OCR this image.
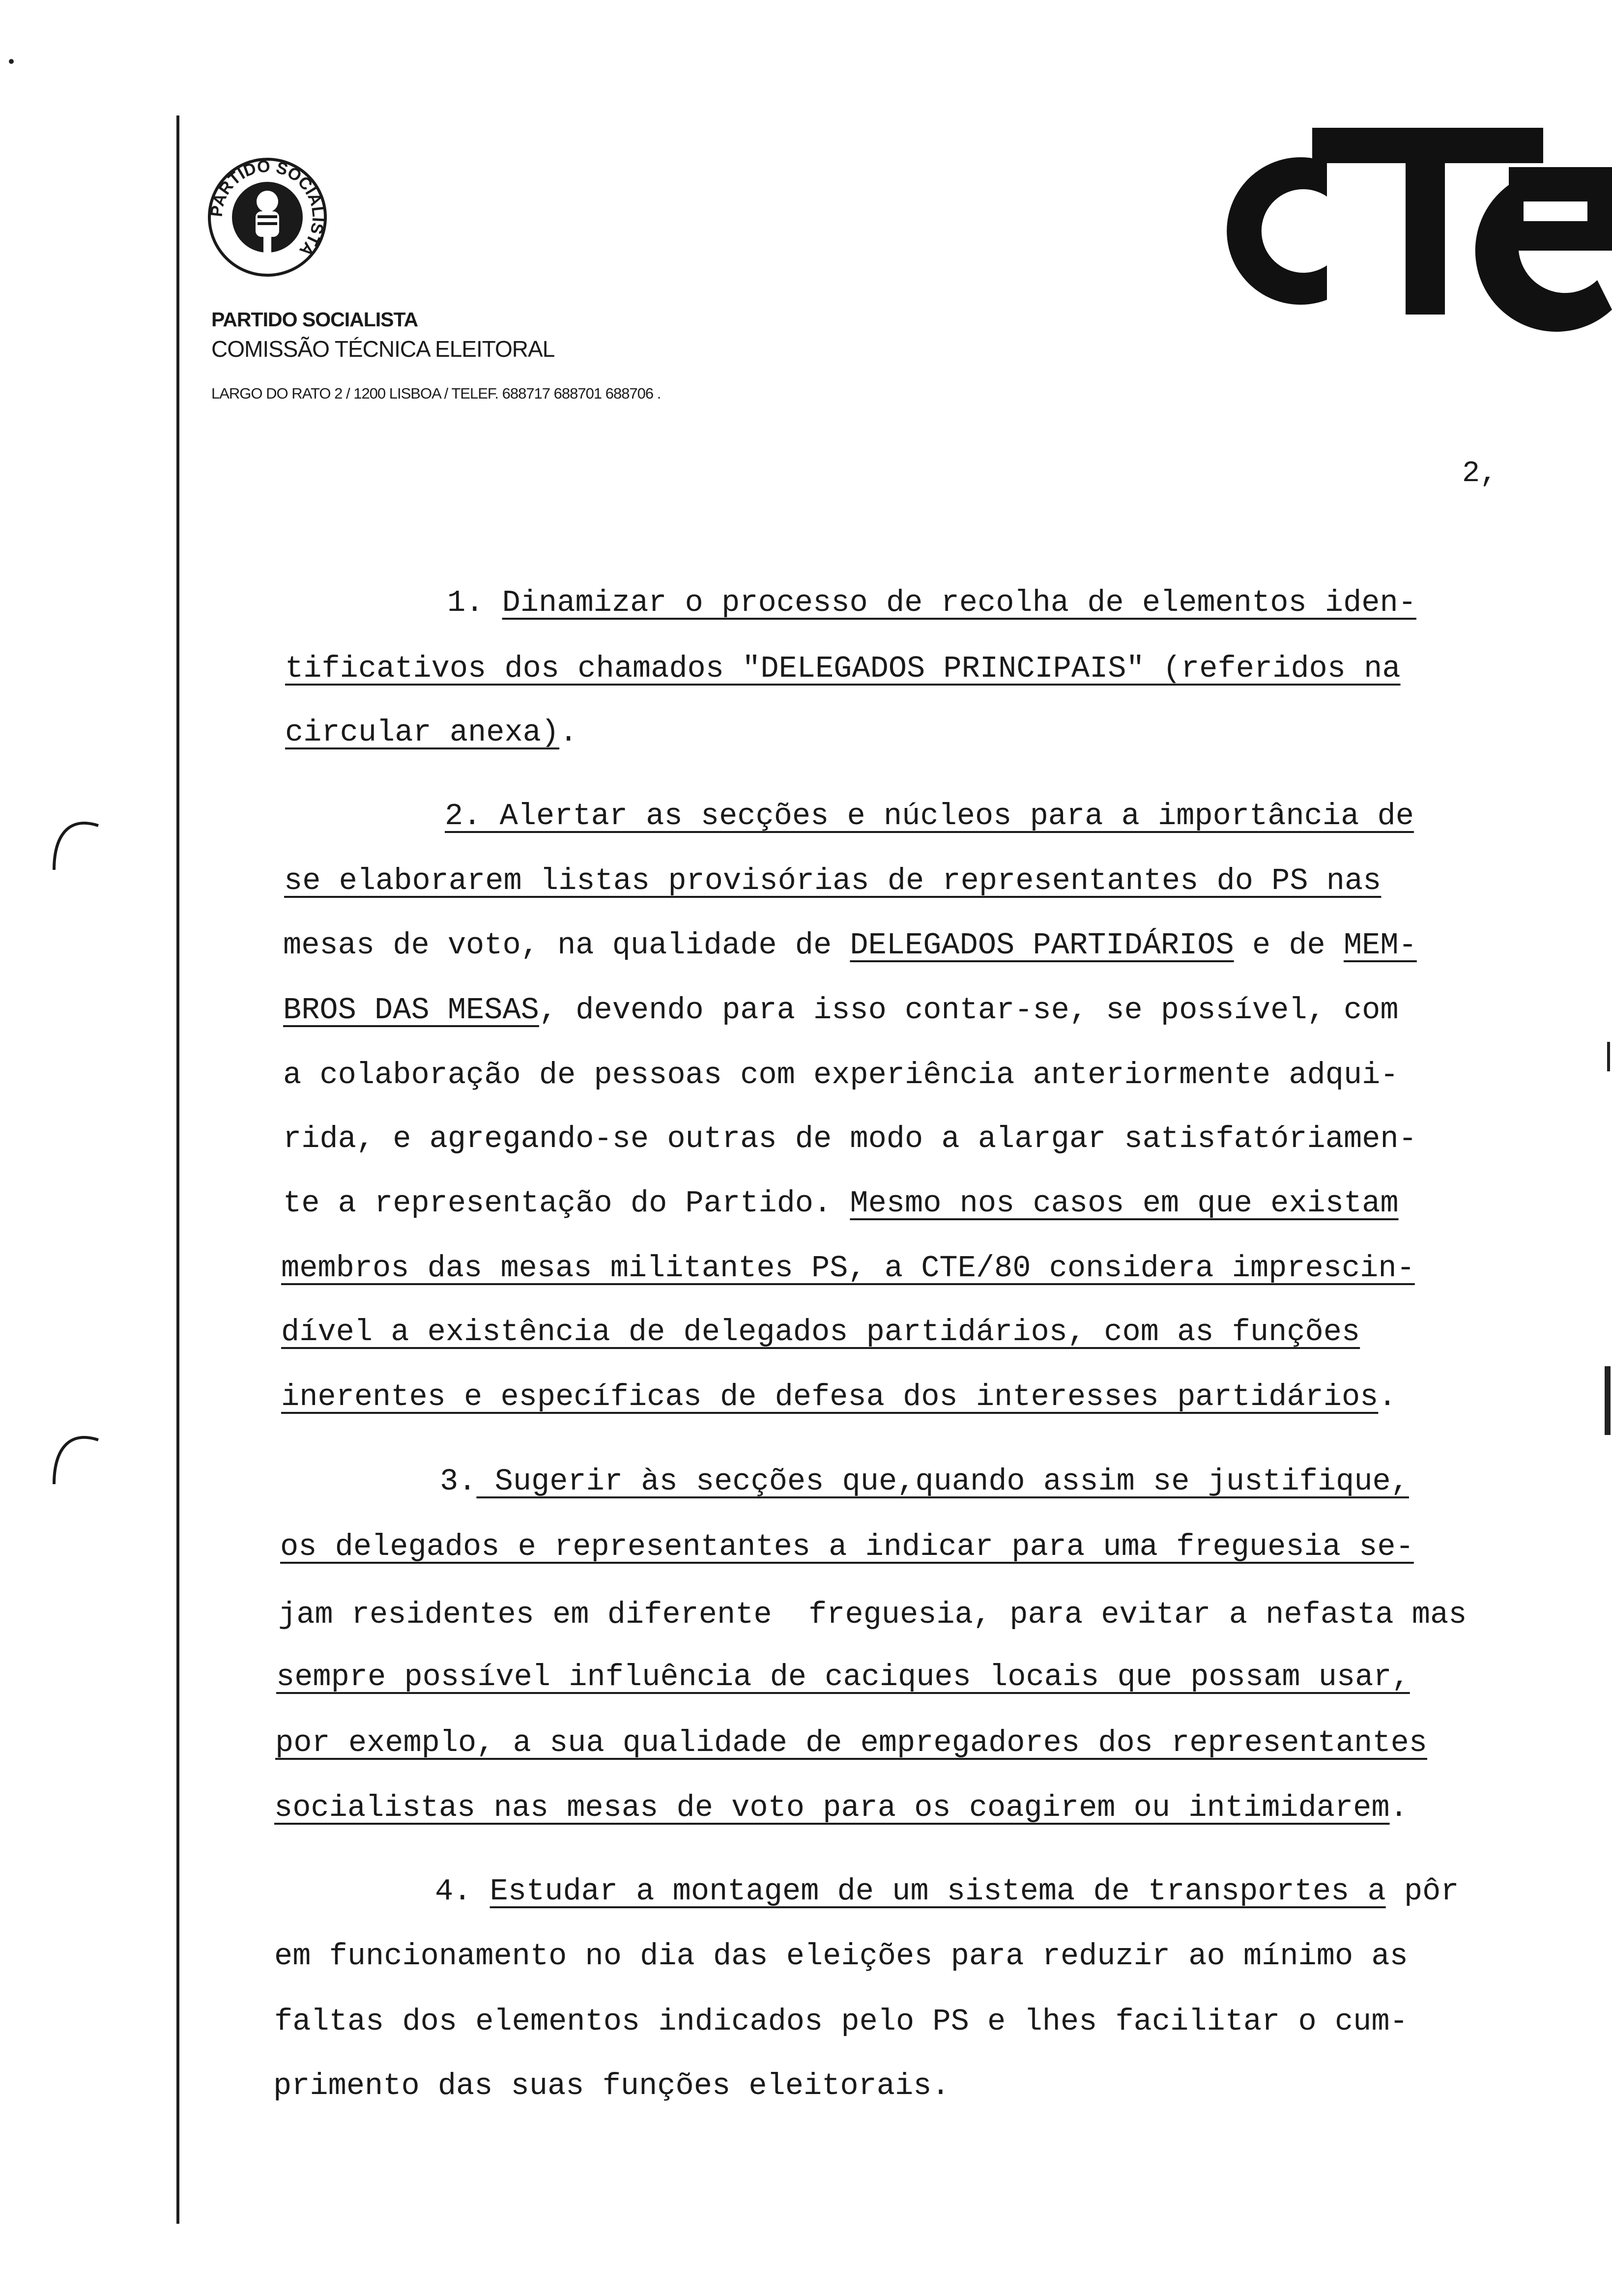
PARTIDO SOCIALISTA
PARTIDO SOCIALISTA
COMISSÃO TÉCNICA ELEITORAL
LARGO DO RATO 2 / 1200 LISBOA / TELEF. 688717 688701 688706 .
2,
1. Dinamizar o processo de recolha de elementos iden-
tificativos dos chamados "DELEGADOS PRINCIPAIS" (referidos na
circular anexa).
2. Alertar as secções e núcleos para a importância de
se elaborarem listas provisórias de representantes do PS nas
mesas de voto, na qualidade de DELEGADOS PARTIDÁRIOS e de MEM-
BROS DAS MESAS, devendo para isso contar-se, se possível, com
a colaboração de pessoas com experiência anteriormente adqui-
rida, e agregando-se outras de modo a alargar satisfatóriamen-
te a representação do Partido. Mesmo nos casos em que existam
membros das mesas militantes PS, a CTE/80 considera imprescin-
dível a existência de delegados partidários, com as funções
inerentes e específicas de defesa dos interesses partidários.
3. Sugerir às secções que,quando assim se justifique,
os delegados e representantes a indicar para uma freguesia se-
jam residentes em diferente  freguesia, para evitar a nefasta mas
sempre possível influência de caciques locais que possam usar,
por exemplo, a sua qualidade de empregadores dos representantes
socialistas nas mesas de voto para os coagirem ou intimidarem.
4. Estudar a montagem de um sistema de transportes a pôr
em funcionamento no dia das eleições para reduzir ao mínimo as
faltas dos elementos indicados pelo PS e lhes facilitar o cum-
primento das suas funções eleitorais.
